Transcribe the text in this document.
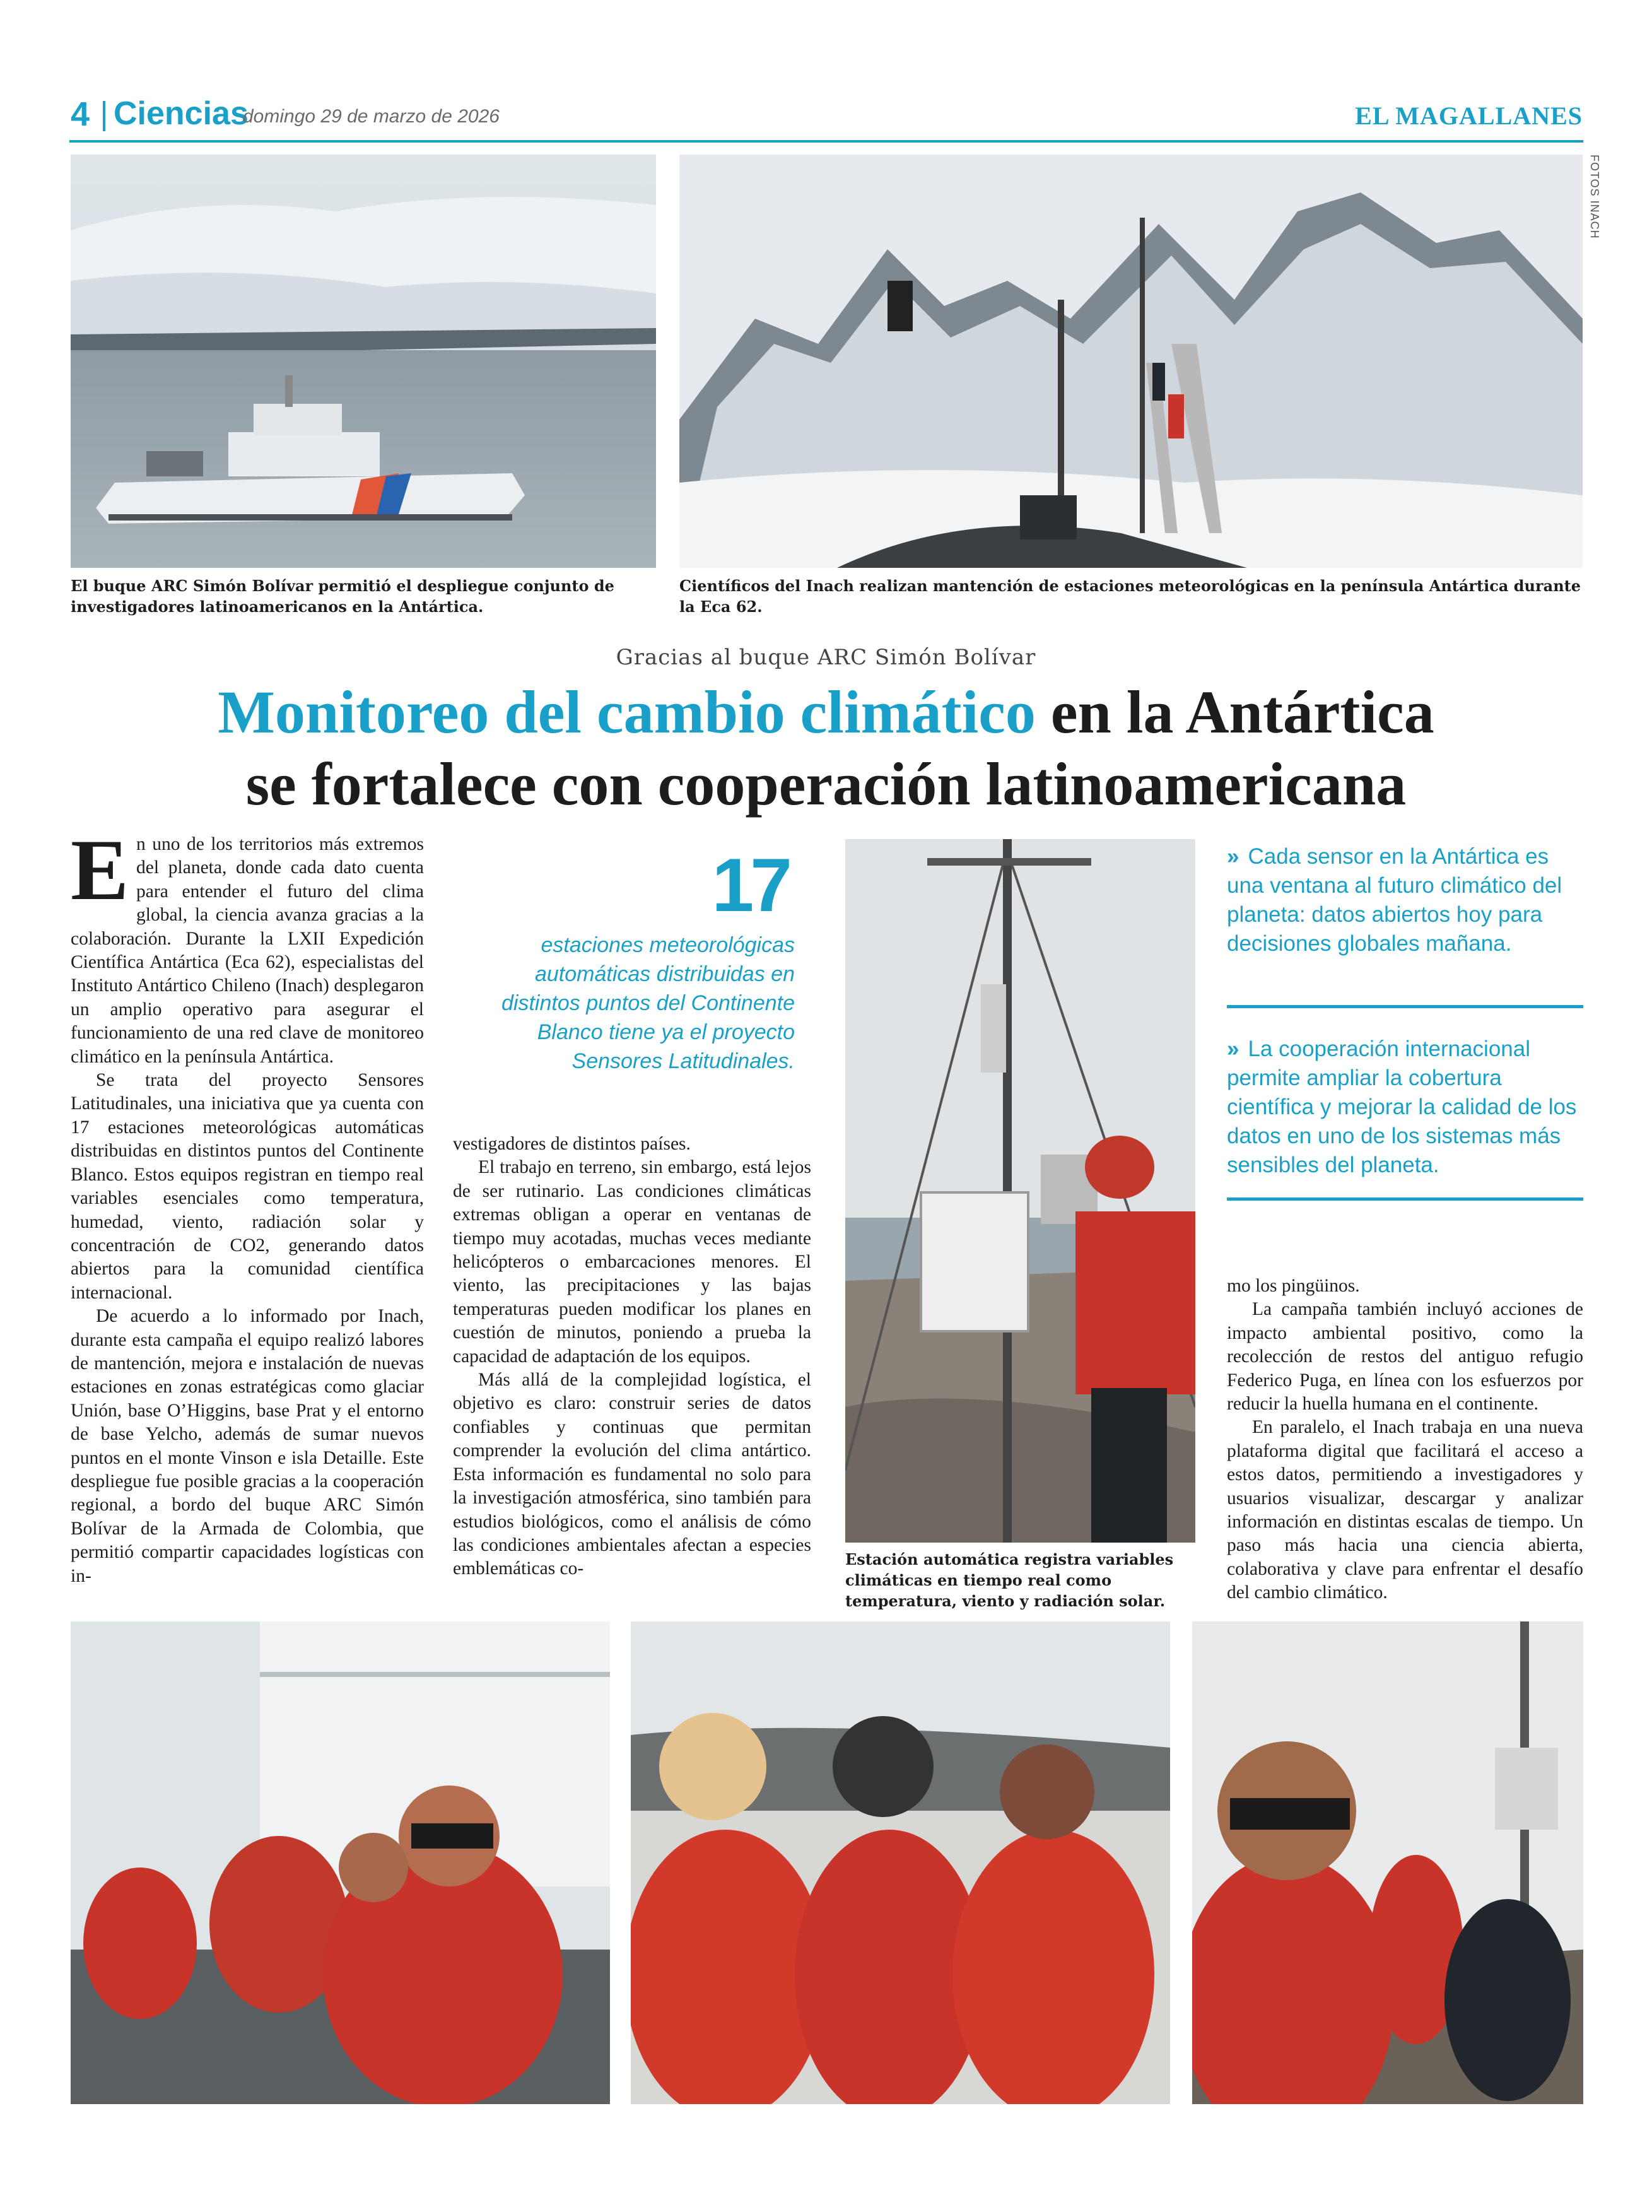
4 Ciencias
domingo 29 de marzo de 2026	EL MAGALLANES
FOTOS INACH
El buque ARC Simón Bolívar permitió el despliegue conjunto de investigadores latinoamericanos en la Antártica.
Científicos del Inach realizan mantención de estaciones meteorológicas en la península Antártica durante la Eca 62.
Gracias al buque ARC Simón Bolívar
Monitoreo del cambio climático en la Antártica
se fortalece con cooperación latinoamericana

En uno de los territorios más extremos del planeta, donde cada dato cuenta para entender el futuro del clima global, la ciencia avanza gracias a la colaboración. Durante la LXII Expedición Científica Antártica (Eca 62), especialistas del Instituto Antártico Chileno (Inach) desplegaron un amplio operativo para asegurar el funcionamiento de una red clave de monitoreo climático en la península Antártica.

Se trata del proyecto Sensores Latitudinales, una iniciativa que ya cuenta con 17 estaciones meteorológicas automáticas distribuidas en distintos puntos del Continente Blanco. Estos equipos registran en tiempo real variables esenciales como temperatura, humedad, viento, radiación solar y concentración de CO2, generando datos abiertos para la comunidad científica internacional.

De acuerdo a lo informado por Inach, durante esta campaña el equipo realizó labores de mantención, mejora e instalación de nuevas estaciones en zonas estratégicas como glaciar Unión, base O’Higgins, base Prat y el entorno de base Yelcho, además de sumar nuevos puntos en el monte Vinson e isla Detaille. Este despliegue fue posible gracias a la cooperación regional, a bordo del buque ARC Simón Bolívar de la Armada de Colombia, que permitió compartir capacidades logísticas con in-

17
estaciones meteorológicas automáticas distribuidas en distintos puntos del Continente Blanco tiene ya el proyecto Sensores Latitudinales.

vestigadores de distintos países.

El trabajo en terreno, sin embargo, está lejos de ser rutinario. Las condiciones climáticas extremas obligan a operar en ventanas de tiempo muy acotadas, muchas veces mediante helicópteros o embarcaciones menores. El viento, las precipitaciones y las bajas temperaturas pueden modificar los planes en cuestión de minutos, poniendo a prueba la capacidad de adaptación de los equipos.

Más allá de la complejidad logística, el objetivo es claro: construir series de datos confiables y continuas que permitan comprender la evolución del clima antártico. Esta información es fundamental no solo para la investigación atmosférica, sino también para estudios biológicos, como el análisis de cómo las condiciones ambientales afectan a especies emblemáticas co-	Estación automática registra variables climáticas en tiempo real como temperatura, viento y radiación solar.
» Cada sensor en la Antártica es una ventana al futuro climático del planeta: datos abiertos hoy para decisiones globales mañana.
» La cooperación internacional permite ampliar la cobertura científica y mejorar la calidad de los datos en uno de los sistemas más sensibles del planeta.

mo los pingüinos.

La campaña también incluyó acciones de impacto ambiental positivo, como la recolección de restos del antiguo refugio Federico Puga, en línea con los esfuerzos por reducir la huella humana en el continente.

En paralelo, el Inach trabaja en una nueva plataforma digital que facilitará el acceso a estos datos, permitiendo a investigadores y usuarios visualizar, descargar y analizar información en distintas escalas de tiempo. Un paso más hacia una ciencia abierta, colaborativa y clave para enfrentar el desafío del cambio climático.
